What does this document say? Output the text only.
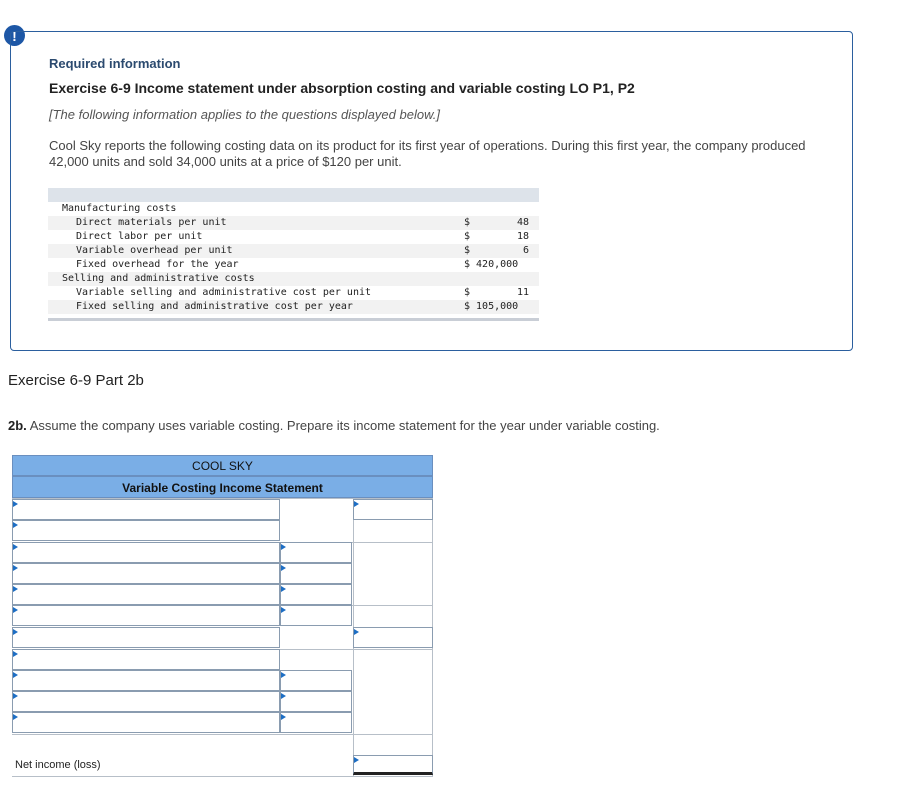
!
Required information
Exercise 6-9 Income statement under absorption costing and variable costing LO P1, P2
[The following information applies to the questions displayed below.]
Cool Sky reports the following costing data on its product for its first year of operations. During this first year, the company produced 42,000 units and sold 34,000 units at a price of $120 per unit.
Manufacturing costs
Direct materials per unit	$	48
Direct labor per unit	$	18
Variable overhead per unit	$	6
Fixed overhead for the year	$ 420,000
Selling and administrative costs
Variable selling and administrative cost per unit	$	11
Fixed selling and administrative cost per year	$ 105,000
Exercise 6-9 Part 2b
2b. Assume the company uses variable costing. Prepare its income statement for the year under variable costing.
COOL SKY
Variable Costing Income Statement
Net income (loss)
